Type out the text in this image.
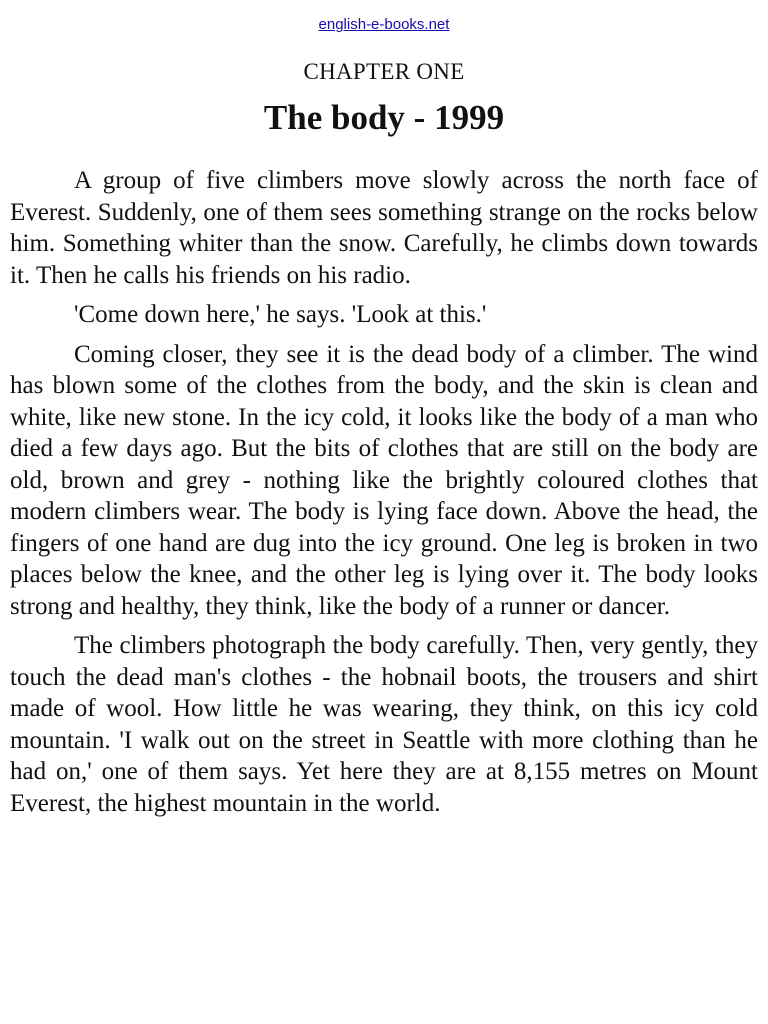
english-e-books.net
CHAPTER ONE
The body - 1999

A group of five climbers move slowly across the north face of Everest. Suddenly, one of them sees something strange on the rocks below him. Something whiter than the snow. Carefully, he climbs down towards it. Then he calls his friends on his radio.

'Come down here,' he says. 'Look at this.'

Coming closer, they see it is the dead body of a climber. The wind has blown some of the clothes from the body, and the skin is clean and white, like new stone. In the icy cold, it looks like the body of a man who died a few days ago. But the bits of clothes that are still on the body are old, brown and grey - nothing like the brightly coloured clothes that modern climbers wear. The body is lying face down. Above the head, the fingers of one hand are dug into the icy ground. One leg is broken in two places below the knee, and the other leg is lying over it. The body looks strong and healthy, they think, like the body of a runner or dancer.

The climbers photograph the body carefully. Then, very gently, they touch the dead man's clothes - the hobnail boots, the trousers and shirt made of wool. How little he was wearing, they think, on this icy cold mountain. 'I walk out on the street in Seattle with more clothing than he had on,' one of them says. Yet here they are at 8,155 metres on Mount Everest, the highest mountain in the world.
